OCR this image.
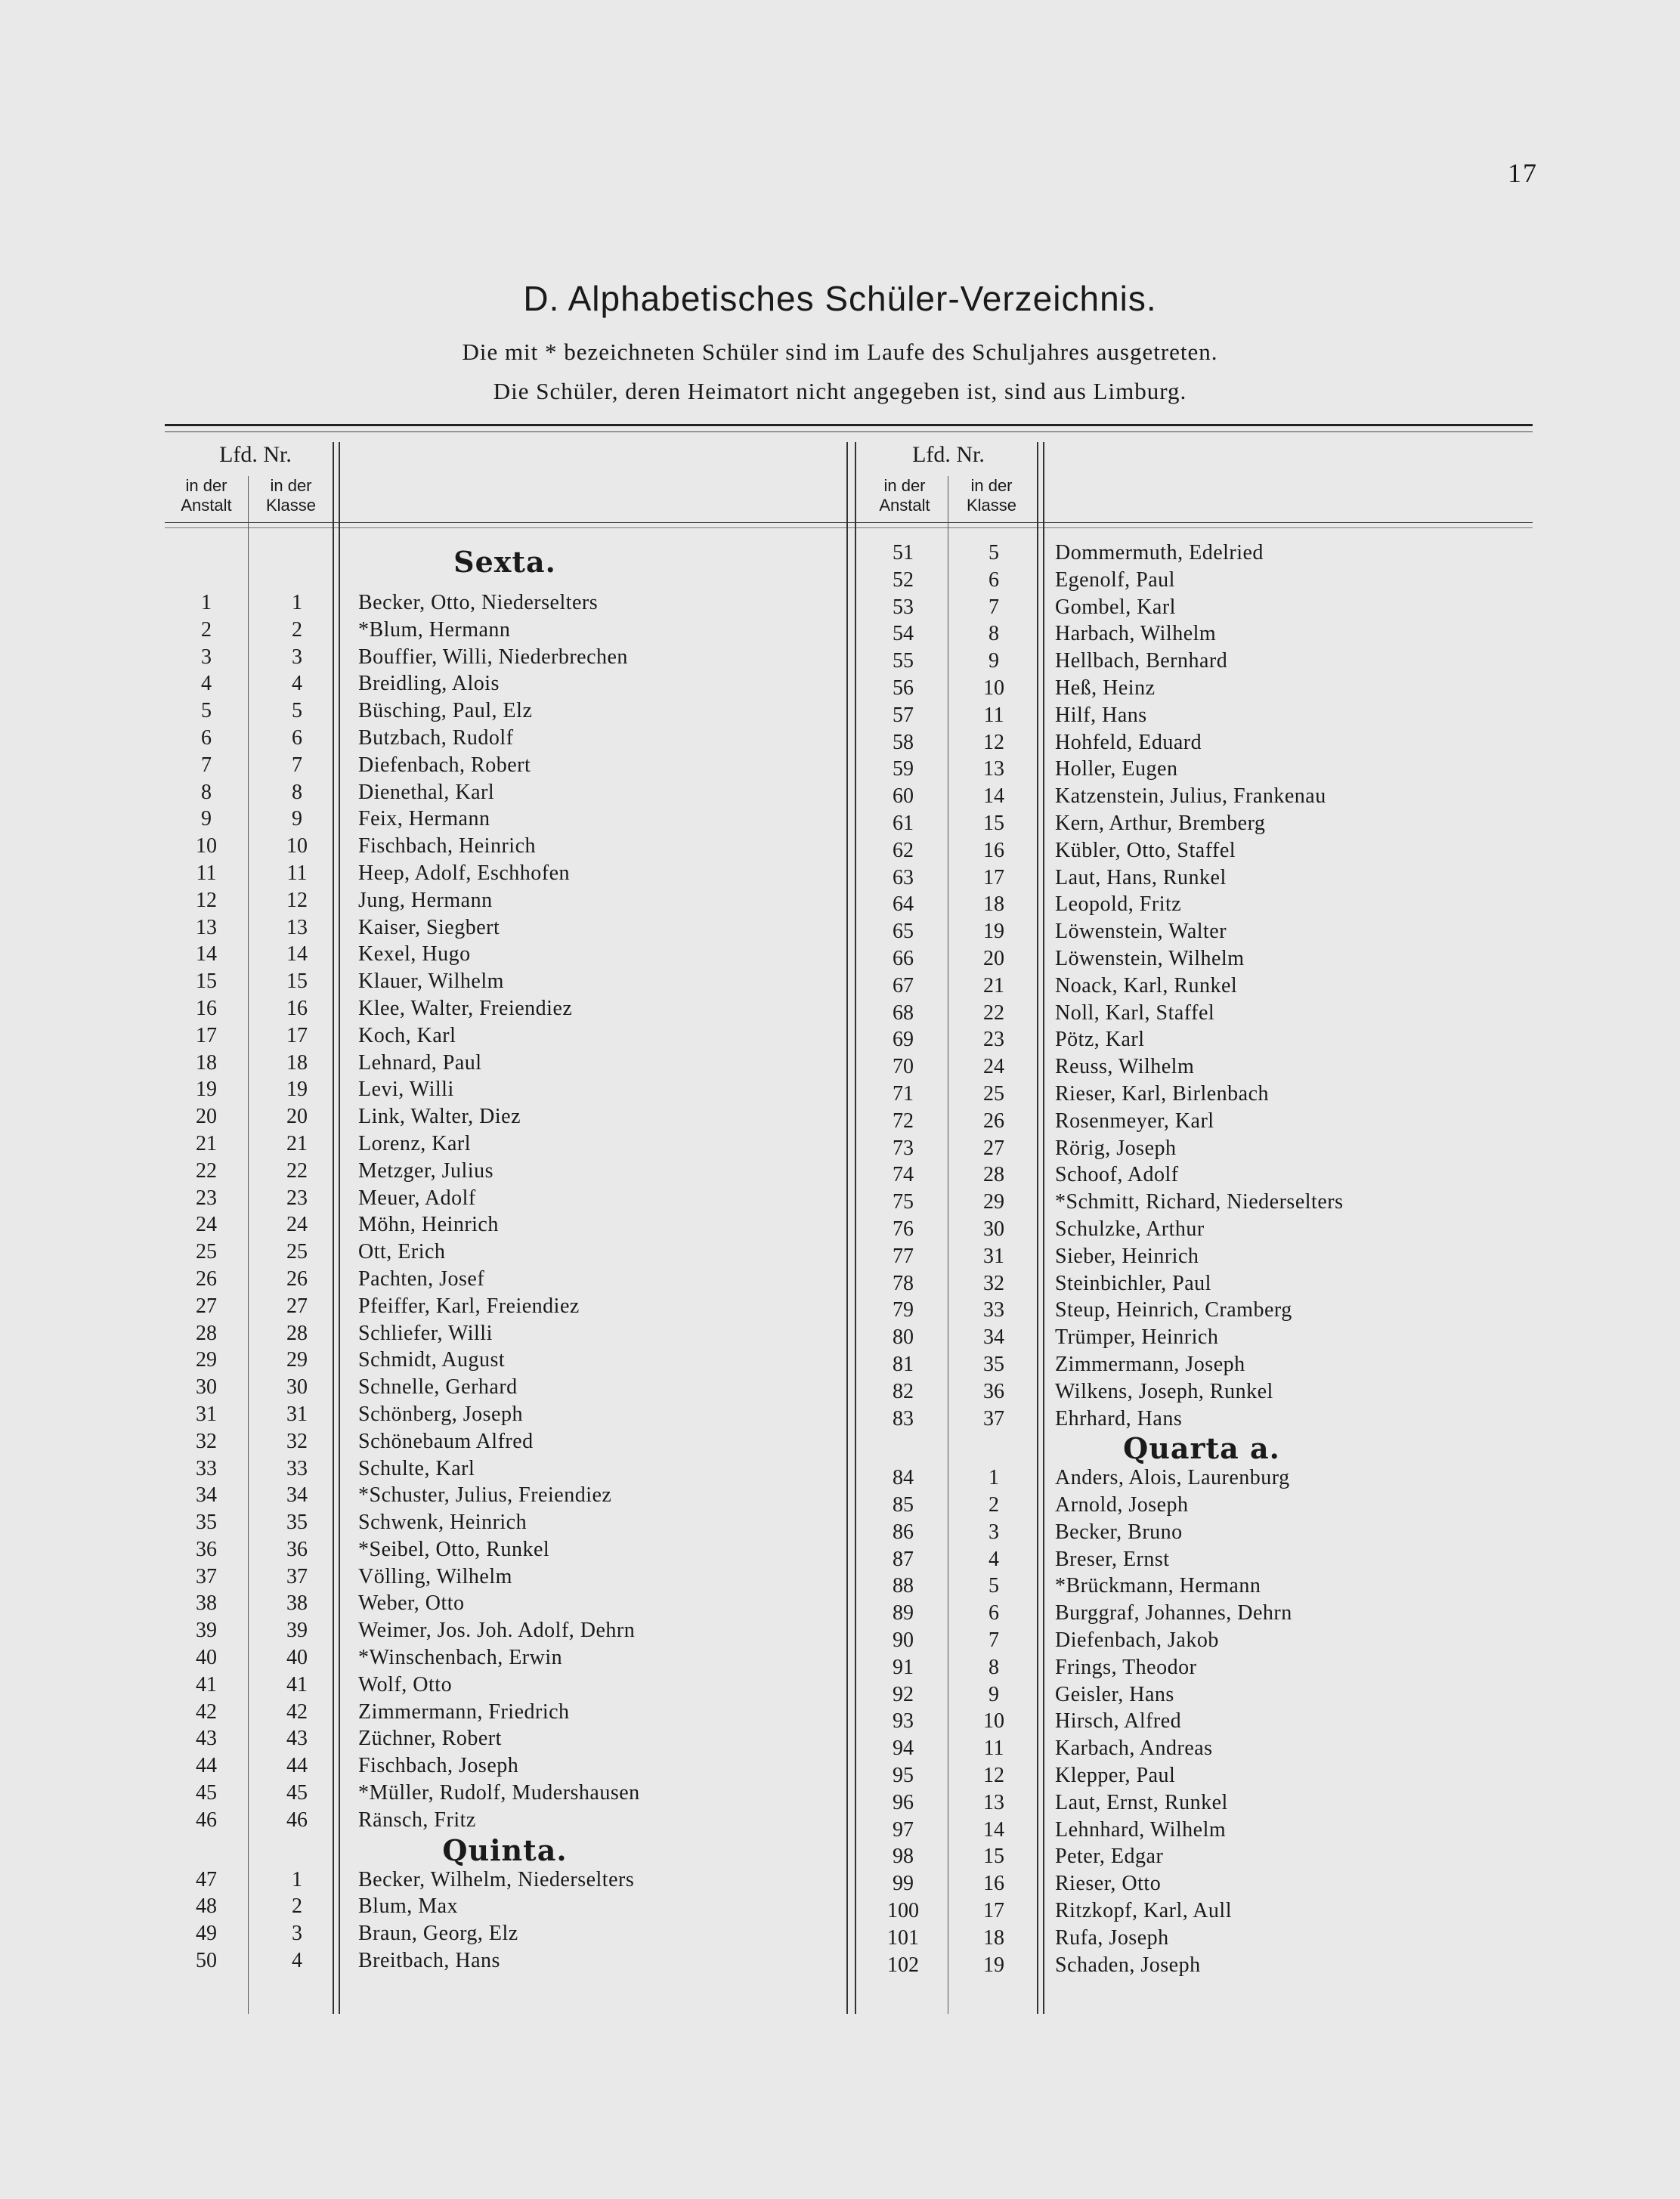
17
D. Alphabetisches Schüler-Verzeichnis.
Die mit * bezeichneten Schüler sind im Laufe des Schuljahres ausgetreten.
Die Schüler, deren Heimatort nicht angegeben ist, sind aus Limburg.
Lfd. Nr.
in der
Anstalt
in der
Klasse
Lfd. Nr.
in der
Anstalt
in der
Klasse
Sexta.
1	1	Becker, Otto, Niederselters
2	2	*Blum, Hermann
3	3	Bouffier, Willi, Niederbrechen
4	4	Breidling, Alois
5	5	Büsching, Paul, Elz
6	6	Butzbach, Rudolf
7	7	Diefenbach, Robert
8	8	Dienethal, Karl
9	9	Feix, Hermann
10	10	Fischbach, Heinrich
11	11	Heep, Adolf, Eschhofen
12	12	Jung, Hermann
13	13	Kaiser, Siegbert
14	14	Kexel, Hugo
15	15	Klauer, Wilhelm
16	16	Klee, Walter, Freiendiez
17	17	Koch, Karl
18	18	Lehnard, Paul
19	19	Levi, Willi
20	20	Link, Walter, Diez
21	21	Lorenz, Karl
22	22	Metzger, Julius
23	23	Meuer, Adolf
24	24	Möhn, Heinrich
25	25	Ott, Erich
26	26	Pachten, Josef
27	27	Pfeiffer, Karl, Freiendiez
28	28	Schliefer, Willi
29	29	Schmidt, August
30	30	Schnelle, Gerhard
31	31	Schönberg, Joseph
32	32	Schönebaum Alfred
33	33	Schulte, Karl
34	34	*Schuster, Julius, Freiendiez
35	35	Schwenk, Heinrich
36	36	*Seibel, Otto, Runkel
37	37	Völling, Wilhelm
38	38	Weber, Otto
39	39	Weimer, Jos. Joh. Adolf, Dehrn
40	40	*Winschenbach, Erwin
41	41	Wolf, Otto
42	42	Zimmermann, Friedrich
43	43	Züchner, Robert
44	44	Fischbach, Joseph
45	45	*Müller, Rudolf, Mudershausen
46	46	Ränsch, Fritz
Quinta.
47	1	Becker, Wilhelm, Niederselters
48	2	Blum, Max
49	3	Braun, Georg, Elz
50	4	Breitbach, Hans
51	5	Dommermuth, Edelried
52	6	Egenolf, Paul
53	7	Gombel, Karl
54	8	Harbach, Wilhelm
55	9	Hellbach, Bernhard
56	10	Heß, Heinz
57	11	Hilf, Hans
58	12	Hohfeld, Eduard
59	13	Holler, Eugen
60	14	Katzenstein, Julius, Frankenau
61	15	Kern, Arthur, Bremberg
62	16	Kübler, Otto, Staffel
63	17	Laut, Hans, Runkel
64	18	Leopold, Fritz
65	19	Löwenstein, Walter
66	20	Löwenstein, Wilhelm
67	21	Noack, Karl, Runkel
68	22	Noll, Karl, Staffel
69	23	Pötz, Karl
70	24	Reuss, Wilhelm
71	25	Rieser, Karl, Birlenbach
72	26	Rosenmeyer, Karl
73	27	Rörig, Joseph
74	28	Schoof, Adolf
75	29	*Schmitt, Richard, Niederselters
76	30	Schulzke, Arthur
77	31	Sieber, Heinrich
78	32	Steinbichler, Paul
79	33	Steup, Heinrich, Cramberg
80	34	Trümper, Heinrich
81	35	Zimmermann, Joseph
82	36	Wilkens, Joseph, Runkel
83	37	Ehrhard, Hans
Quarta a.
84	1	Anders, Alois, Laurenburg
85	2	Arnold, Joseph
86	3	Becker, Bruno
87	4	Breser, Ernst
88	5	*Brückmann, Hermann
89	6	Burggraf, Johannes, Dehrn
90	7	Diefenbach, Jakob
91	8	Frings, Theodor
92	9	Geisler, Hans
93	10	Hirsch, Alfred
94	11	Karbach, Andreas
95	12	Klepper, Paul
96	13	Laut, Ernst, Runkel
97	14	Lehnhard, Wilhelm
98	15	Peter, Edgar
99	16	Rieser, Otto
100	17	Ritzkopf, Karl, Aull
101	18	Rufa, Joseph
102	19	Schaden, Joseph
